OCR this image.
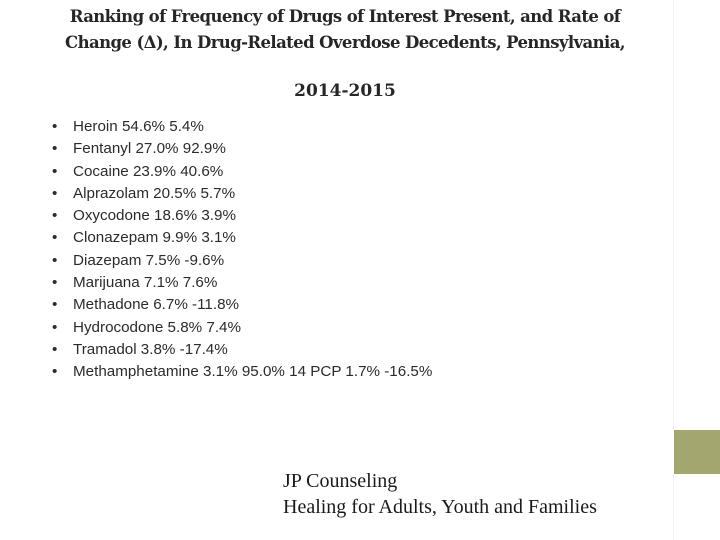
Ranking of Frequency of Drugs of Interest Present, and Rate of
Change (Δ), In Drug-Related Overdose Decedents, Pennsylvania,
2014-2015
• Heroin 54.6% 5.4%
• Fentanyl 27.0% 92.9%
• Cocaine 23.9% 40.6%
• Alprazolam 20.5% 5.7%
• Oxycodone 18.6% 3.9%
• Clonazepam 9.9% 3.1%
• Diazepam 7.5% -9.6%
• Marijuana 7.1% 7.6%
• Methadone 6.7% -11.8%
• Hydrocodone 5.8% 7.4%
• Tramadol 3.8% -17.4%
• Methamphetamine 3.1% 95.0% 14 PCP 1.7% -16.5%
JP Counseling
Healing for Adults, Youth and Families
